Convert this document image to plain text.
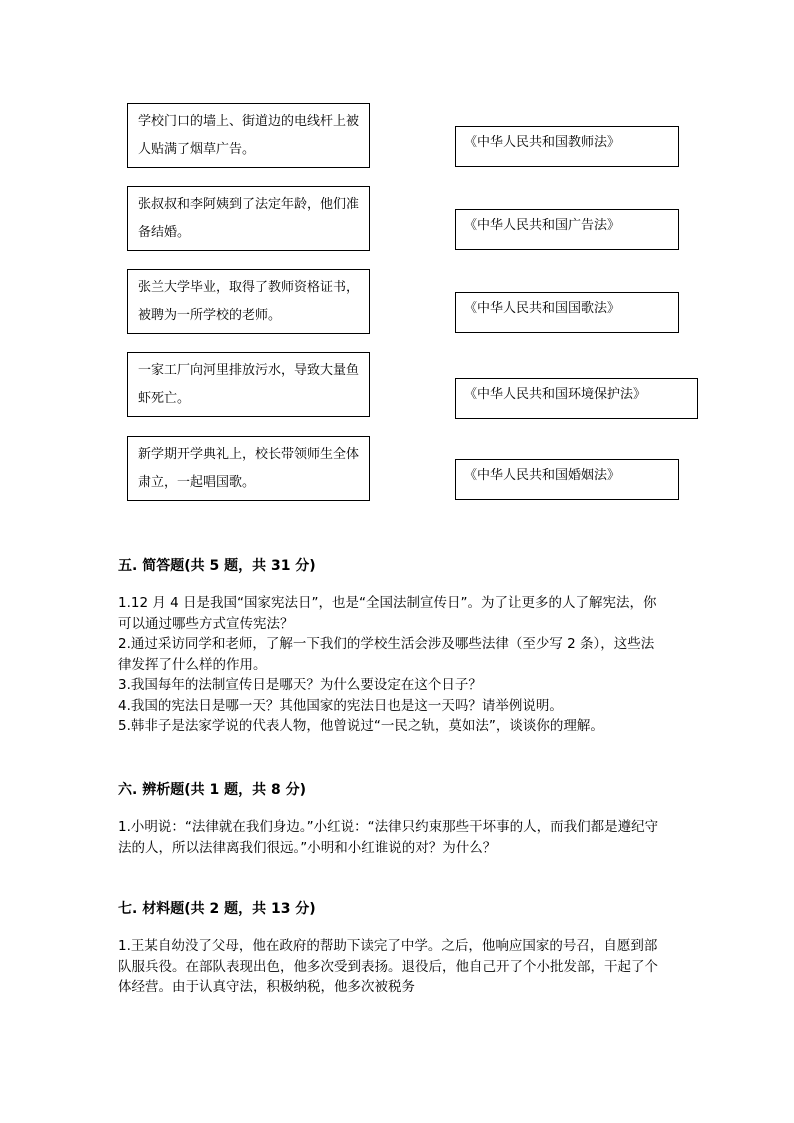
学校门口的墙上、街道边的电线杆上被人贴满了烟草广告。
张叔叔和李阿姨到了法定年龄，他们准备结婚。
张兰大学毕业，取得了教师资格证书，被聘为一所学校的老师。
一家工厂向河里排放污水，导致大量鱼虾死亡。
新学期开学典礼上，校长带领师生全体肃立，一起唱国歌。
《中华人民共和国教师法》
《中华人民共和国广告法》
《中华人民共和国国歌法》
《中华人民共和国环境保护法》
《中华人民共和国婚姻法》
五. 简答题(共 5 题，共 31 分)
1.12 月 4 日是我国“国家宪法日”，也是“全国法制宣传日”。为了让更多的人了解宪法，你可以通过哪些方式宣传宪法？
2.通过采访同学和老师，了解一下我们的学校生活会涉及哪些法律（至少写 2 条），这些法律发挥了什么样的作用。
3.我国每年的法制宣传日是哪天？为什么要设定在这个日子？
4.我国的宪法日是哪一天？其他国家的宪法日也是这一天吗？请举例说明。
5.韩非子是法家学说的代表人物，他曾说过“一民之轨，莫如法”，谈谈你的理解。
六. 辨析题(共 1 题，共 8 分)
1.小明说：“法律就在我们身边。”小红说：“法律只约束那些干坏事的人，而我们都是遵纪守法的人，所以法律离我们很远。”小明和小红谁说的对？为什么？
七. 材料题(共 2 题，共 13 分)
1.王某自幼没了父母，他在政府的帮助下读完了中学。之后，他响应国家的号召，自愿到部队服兵役。在部队表现出色，他多次受到表扬。退役后，他自己开了个小批发部，干起了个体经营。由于认真守法，积极纳税，他多次被税务
